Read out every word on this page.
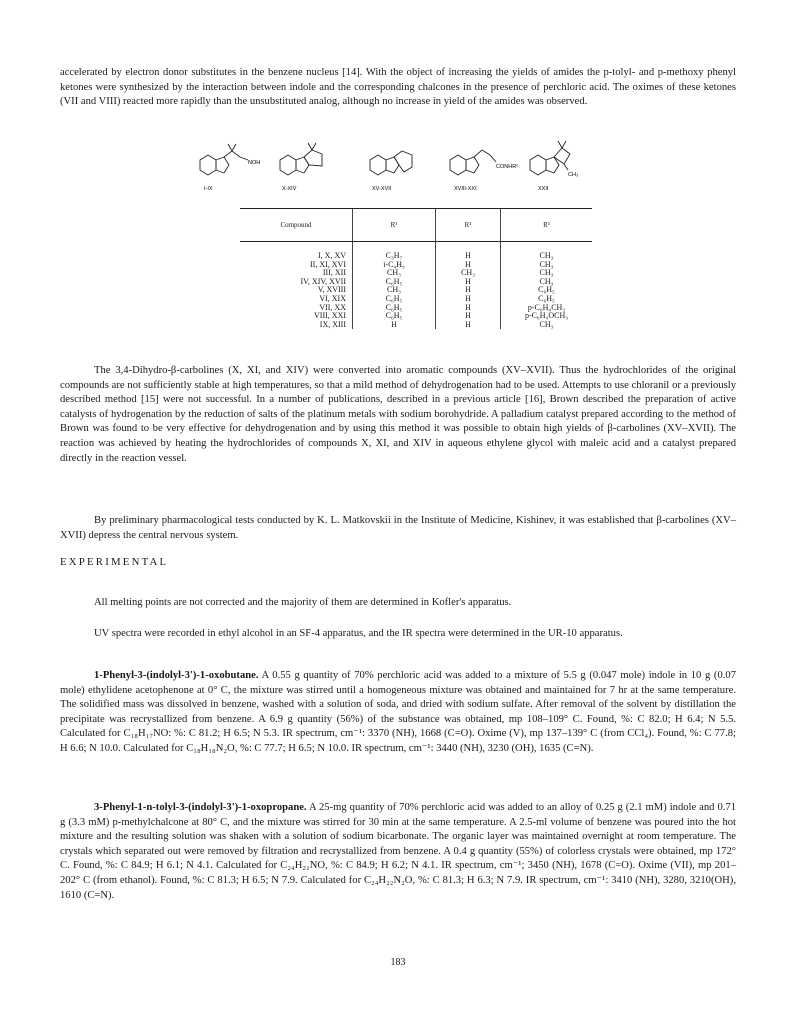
accelerated by electron donor substitutes in the benzene nucleus [14]. With the object of increasing the yields of amides the p-tolyl- and p-methoxy phenyl ketones were synthesized by the interaction between indole and the corresponding chalcones in the presence of perchloric acid. The oximes of these ketones (VII and VIII) reacted more rapidly than the unsubstituted analog, although no increase in yield of the amides was observed.

NOH
CONHR²
CH₃
I-IX	X-XIV	XV-XVII	XVIII-XXI	XXII
Compound	R¹	R²	R³
I, X, XV	C₃H₇	H	CH₃
II, XI, XVI	i-C₄H₉	H	CH₃
III, XII	CH₃	CH₃	CH₃
IV, XIV, XVII	C₆H₅	H	CH₃
V, XVIII	CH₃	H	C₆H₅
VI, XIX	C₆H₅	H	C₆H₅
VII, XX	C₆H₅	H	p-C₆H₄CH₃
VIII, XXI	C₆H₅	H	p-C₆H₄OCH₃
IX, XIII	H	H	CH₃

The 3,4-Dihydro-β-carbolines (X, XI, and XIV) were converted into aromatic compounds (XV–XVII). Thus the hydrochlorides of the original compounds are not sufficiently stable at high temperatures, so that a mild method of dehydrogenation had to be used. Attempts to use chloranil or a previously described method [15] were not successful. In a number of publications, described in a previous article [16], Brown described the preparation of active catalysts of hydrogenation by the reduction of salts of the platinum metals with sodium borohydride. A palladium catalyst prepared according to the method of Brown was found to be very effective for dehydrogenation and by using this method it was possible to obtain high yields of β-carbolines (XV–XVII). The reaction was achieved by heating the hydrochlorides of compounds X, XI, and XIV in aqueous ethylene glycol with maleic acid and a catalyst prepared directly in the reaction vessel.

By preliminary pharmacological tests conducted by K. L. Matkovskii in the Institute of Medicine, Kishinev, it was established that β-carbolines (XV–XVII) depress the central nervous system.

EXPERIMENTAL

All melting points are not corrected and the majority of them are determined in Kofler's apparatus.

UV spectra were recorded in ethyl alcohol in an SF-4 apparatus, and the IR spectra were determined in the UR-10 apparatus.

1-Phenyl-3-(indolyl-3')-1-oxobutane. A 0.55 g quantity of 70% perchloric acid was added to a mixture of 5.5 g (0.047 mole) indole in 10 g (0.07 mole) ethylidene acetophenone at 0° C, the mixture was stirred until a homogeneous mixture was obtained and maintained for 7 hr at the same temperature. The solidified mass was dissolved in benzene, washed with a solution of soda, and dried with sodium sulfate. After removal of the solvent by distillation the precipitate was recrystallized from benzene. A 6.9 g quantity (56%) of the substance was obtained, mp 108–109° C. Found, %: C 82.0; H 6.4; N 5.5. Calculated for C₁₈H₁₇NO: %: C 81.2; H 6.5; N 5.3. IR spectrum, cm⁻¹: 3370 (NH), 1668 (C=O). Oxime (V), mp 137–139° C (from CCl₄). Found, %: C 77.8; H 6.6; N 10.0. Calculated for C₁₈H₁₈N₂O, %: C 77.7; H 6.5; N 10.0. IR spectrum, cm⁻¹: 3440 (NH), 3230 (OH), 1635 (C=N).

3-Phenyl-1-n-tolyl-3-(indolyl-3')-1-oxopropane. A 25-mg quantity of 70% perchloric acid was added to an alloy of 0.25 g (2.1 mM) indole and 0.71 g (3.3 mM) p-methylchalcone at 80° C, and the mixture was stirred for 30 min at the same temperature. A 2.5-ml volume of benzene was poured into the hot mixture and the resulting solution was shaken with a solution of sodium bicarbonate. The organic layer was maintained overnight at room temperature. The crystals which separated out were removed by filtration and recrystallized from benzene. A 0.4 g quantity (55%) of colorless crystals were obtained, mp 172° C. Found, %: C 84.9; H 6.1; N 4.1. Calculated for C₂₄H₂₁NO, %: C 84.9; H 6.2; N 4.1. IR spectrum, cm⁻¹; 3450 (NH), 1678 (C=O). Oxime (VII), mp 201–202° C (from ethanol). Found, %: C 81.3; H 6.5; N 7.9. Calculated for C₂₄H₂₂N₂O, %: C 81.3; H 6.3; N 7.9. IR spectrum, cm⁻¹: 3410 (NH), 3280, 3210(OH), 1610 (C=N).

183
